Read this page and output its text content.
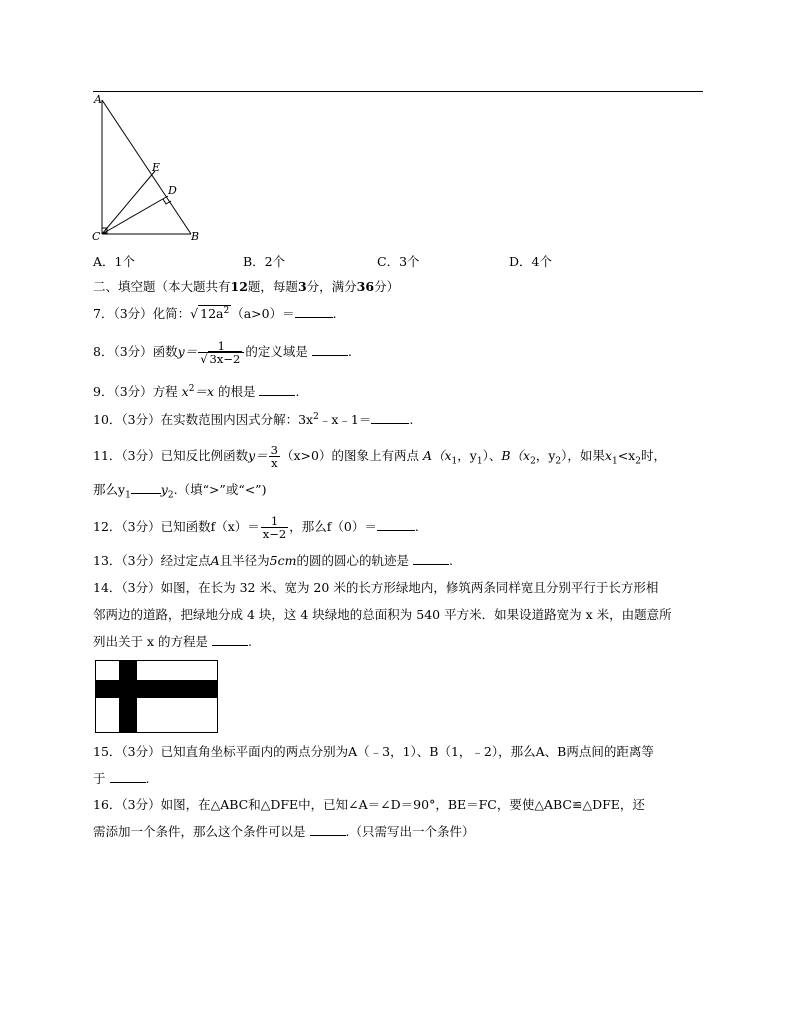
A
E
D
C	B
A．1个	B．2个	C．3个	D．4个
二、填空题（本大题共有12题，每题3分，满分36分）
7．（3分）化简：√ $12a^2$ （a>0）＝	.
8．（3分）函数$y= \frac{1}{√ 3x-2}$ 的定义域是	.
9．（3分）方程 $x^2=x$ 的根是	.
10．（3分）在实数范围内因式分解：$3x^2﹣x﹣1=$	.
11．（3分）已知反比例函数$y= \frac{3}{x} (x>0)$的图象上有两点 $A(x_1$，$y_1$）、$B(x_2$，$y_2$），如果$x_1<x_2$时，
那么$y_1$ $y_2$.（填“>”或“<”)
12．（3分）已知函数$f(x)= \frac{1}{x-2}$ ，那么f（0）＝	.
13．（3分）经过定点A且半径为5cm的圆的圆心的轨迹是	.
14．（3分）如图，在长为 32 米、宽为 20 米的长方形绿地内，修筑两条同样宽且分别平行于长方形相
邻两边的道路，把绿地分成 4 块，这 4 块绿地的总面积为 540 平方米．如果设道路宽为 x 米，由题意所
列出关于 x 的方程是	.
15．（3分）已知直角坐标平面内的两点分别为A（﹣3，1）、B（1，﹣2），那么A、B两点间的距离等
于	.
16．（3分）如图，在△ABC和△DFE中，已知∠A＝∠D＝90°，BE＝FC，要使△ABC≌△DFE，还
需添加一个条件，那么这个条件可以是	.（只需写出一个条件）
